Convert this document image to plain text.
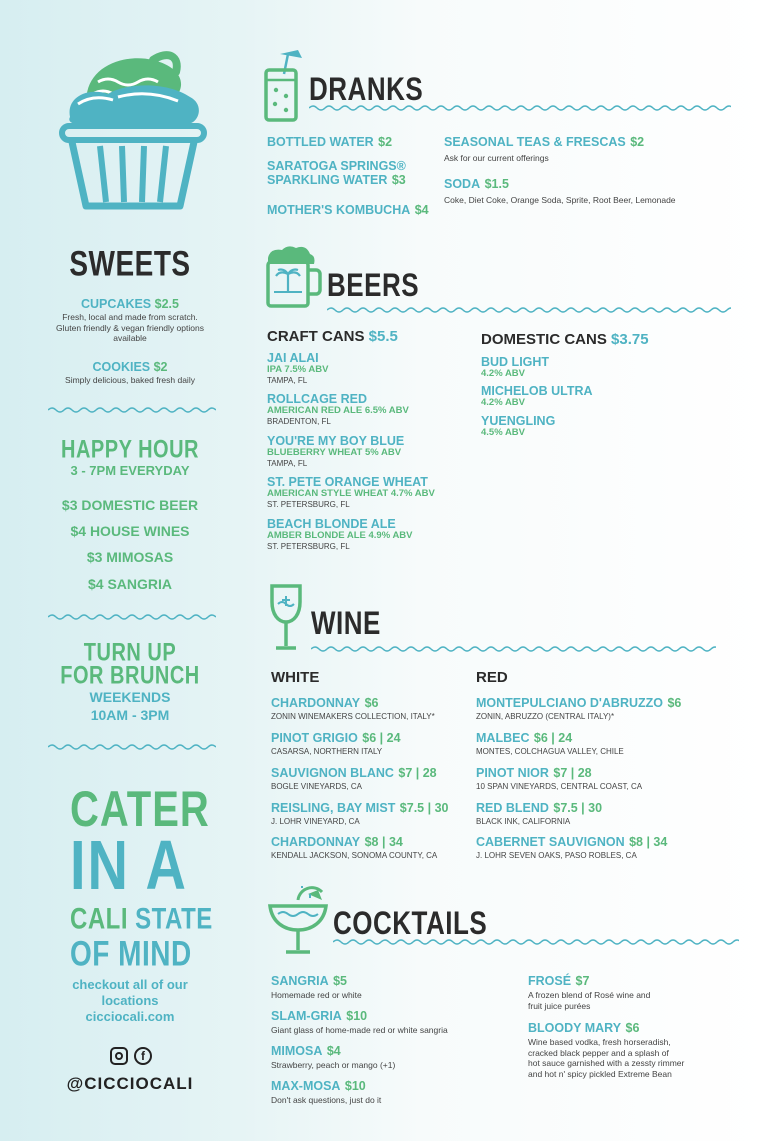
SWEETS
CUPCAKES $2.5
Fresh, local and made from scratch. Gluten friendly & vegan friendly options available
COOKIES $2
Simply delicious, baked fresh daily
HAPPY HOUR
3 - 7PM EVERYDAY
$3 DOMESTIC BEER
$4 HOUSE WINES
$3 MIMOSAS
$4 SANGRIA
TURN UP
FOR BRUNCH
WEEKENDS
10AM - 3PM
CATER
IN A
CALI STATE
OF MIND
checkout all of our
locations
cicciocali.com
f
@CICCIOCALI
DRANKS
BOTTLED WATER $2
SARATOGA SPRINGS®
SPARKLING WATER $3
MOTHER'S KOMBUCHA $4
SEASONAL TEAS & FRESCAS $2
Ask for our current offerings
SODA $1.5
Coke, Diet Coke, Orange Soda, Sprite, Root Beer, Lemonade
BEERS
CRAFT CANS $5.5
JAI ALAI
IPA 7.5% ABV
TAMPA, FL
ROLLCAGE RED
AMERICAN RED ALE 6.5% ABV
BRADENTON, FL
YOU'RE MY BOY BLUE
BLUEBERRY WHEAT 5% ABV
TAMPA, FL
ST. PETE ORANGE WHEAT
AMERICAN STYLE WHEAT 4.7% ABV
ST. PETERSBURG, FL
BEACH BLONDE ALE
AMBER BLONDE ALE 4.9% ABV
ST. PETERSBURG, FL
DOMESTIC CANS $3.75
BUD LIGHT
4.2% ABV
MICHELOB ULTRA
4.2% ABV
YUENGLING
4.5% ABV
WINE
WHITE	RED
CHARDONNAY $6
ZONIN WINEMAKERS COLLECTION, ITALY*
PINOT GRIGIO $6 | 24
CASARSA, NORTHERN ITALY
SAUVIGNON BLANC $7 | 28
BOGLE VINEYARDS, CA
REISLING, BAY MIST $7.5 | 30
J. LOHR VINEYARD, CA
CHARDONNAY $8 | 34
KENDALL JACKSON, SONOMA COUNTY, CA
MONTEPULCIANO D'ABRUZZO $6
ZONIN, ABRUZZO (CENTRAL ITALY)*
MALBEC $6 | 24
MONTES, COLCHAGUA VALLEY, CHILE
PINOT NIOR $7 | 28
10 SPAN VINEYARDS, CENTRAL COAST, CA
RED BLEND $7.5 | 30
BLACK INK, CALIFORNIA
CABERNET SAUVIGNON $8 | 34
J. LOHR SEVEN OAKS, PASO ROBLES, CA
COCKTAILS
SANGRIA $5
Homemade red or white
SLAM-GRIA $10
Giant glass of home-made red or white sangria
MIMOSA $4
Strawberry, peach or mango (+1)
MAX-MOSA $10
Don't ask questions, just do it
FROSÉ $7
A frozen blend of Rosé wine and
fruit juice purées
BLOODY MARY $6
Wine based vodka, fresh horseradish,
cracked black pepper and a splash of
hot sauce garnished with a zessty rimmer
and hot n' spicy pickled Extreme Bean
